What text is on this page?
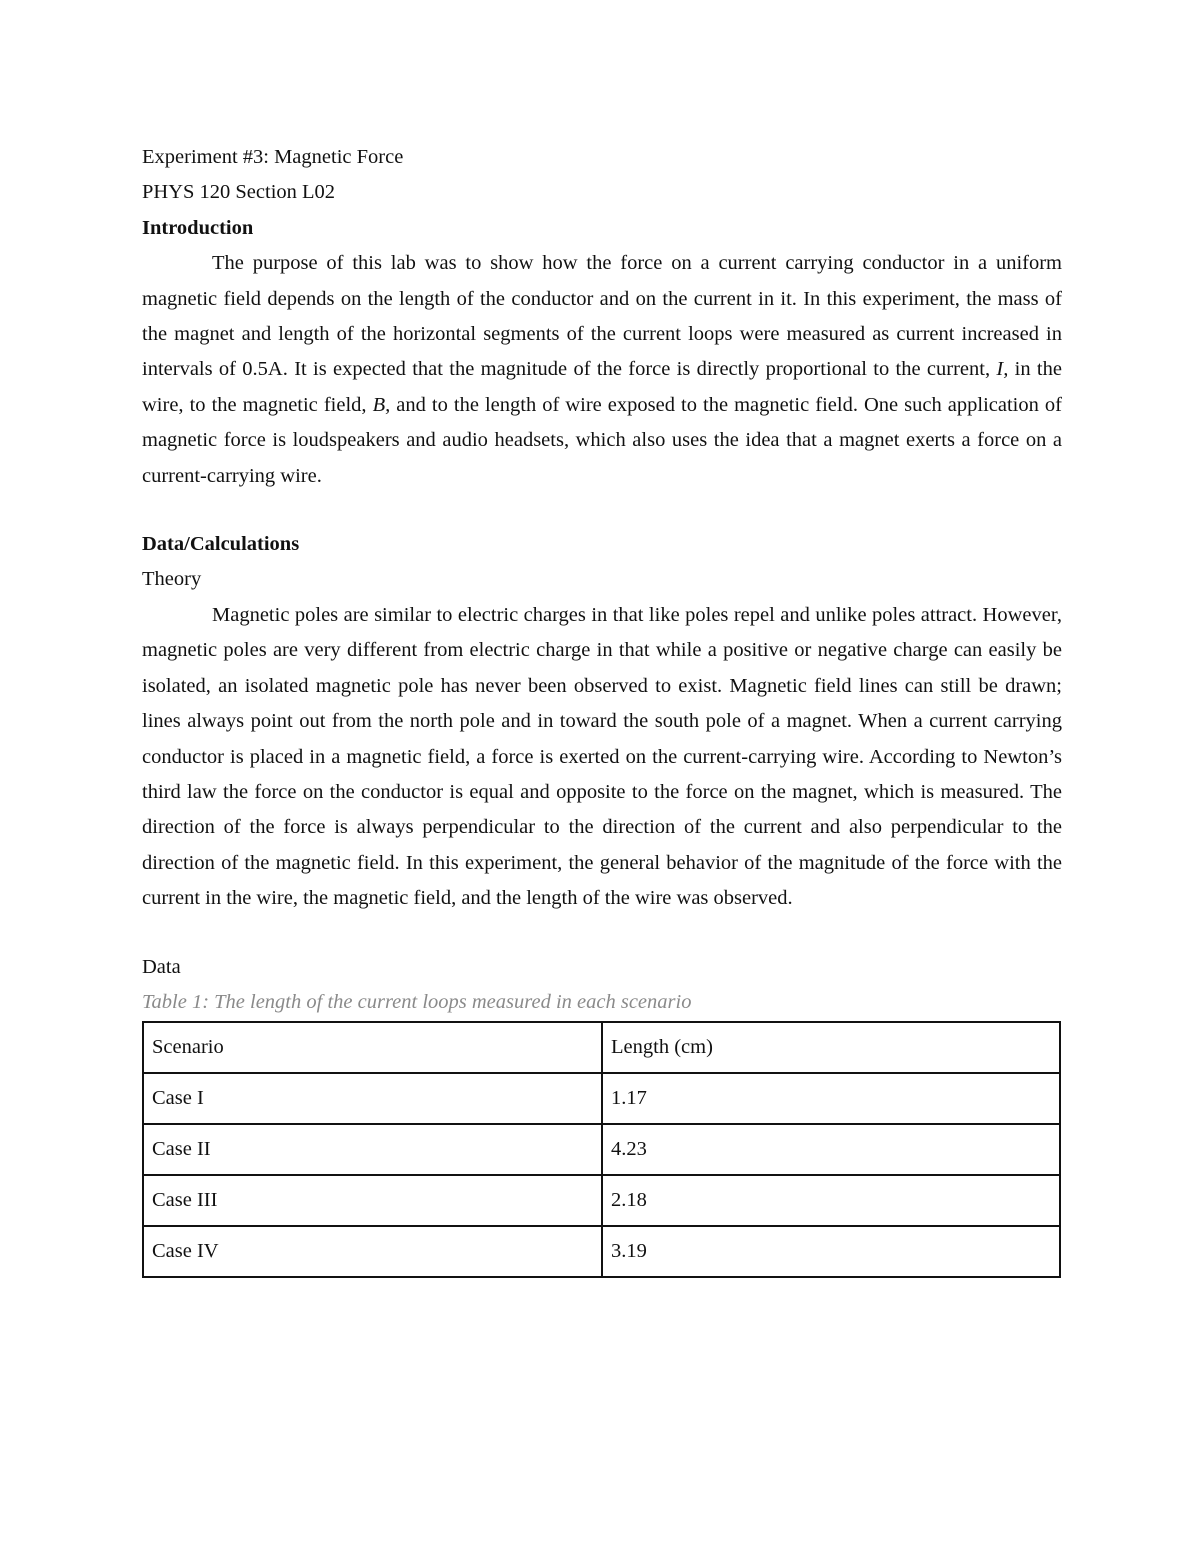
Experiment #3: Magnetic Force

PHYS 120 Section L02

Introduction

The purpose of this lab was to show how the force on a current carrying conductor in a uniform magnetic field depends on the length of the conductor and on the current in it. In this experiment, the mass of the magnet and length of the horizontal segments of the current loops were measured as current increased in intervals of 0.5A. It is expected that the magnitude of the force is directly proportional to the current, I, in the wire, to the magnetic field, B, and to the length of wire exposed to the magnetic field. One such application of magnetic force is loudspeakers and audio headsets, which also uses the idea that a magnet exerts a force on a current-carrying wire.

Data/Calculations

Theory

Magnetic poles are similar to electric charges in that like poles repel and unlike poles attract. However, magnetic poles are very different from electric charge in that while a positive or negative charge can easily be isolated, an isolated magnetic pole has never been observed to exist. Magnetic field lines can still be drawn; lines always point out from the north pole and in toward the south pole of a magnet. When a current carrying conductor is placed in a magnetic field, a force is exerted on the current-carrying wire. According to Newton’s third law the force on the conductor is equal and opposite to the force on the magnet, which is measured. The direction of the force is always perpendicular to the direction of the current and also perpendicular to the direction of the magnetic field. In this experiment, the general behavior of the magnitude of the force with the current in the wire, the magnetic field, and the length of the wire was observed.

Data

Table 1: The length of the current loops measured in each scenario

Scenario	Length (cm)
Case I	1.17
Case II	4.23
Case III	2.18
Case IV	3.19
